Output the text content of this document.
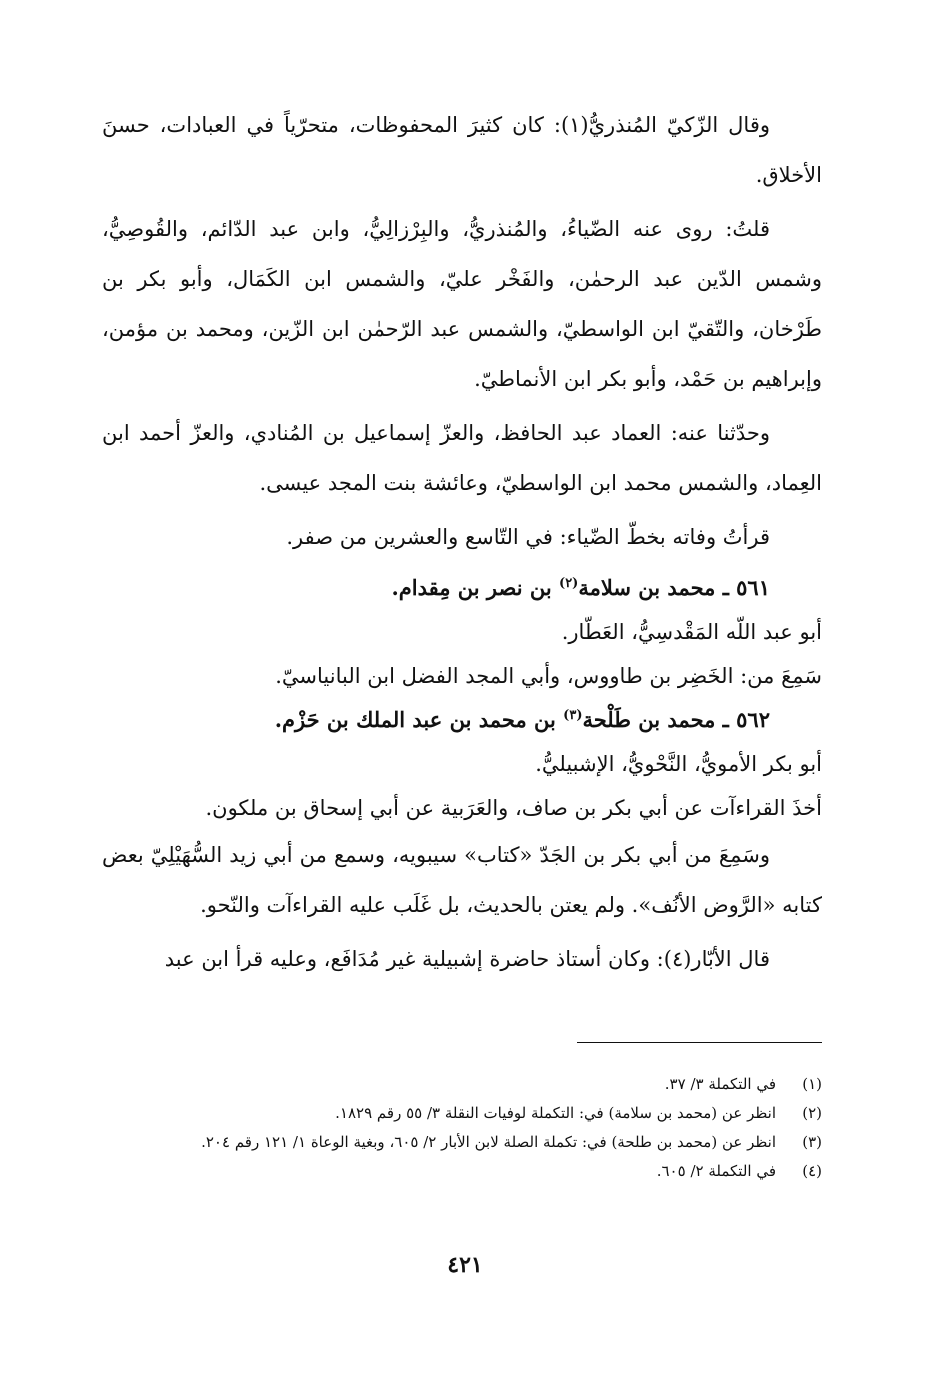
وقال الزّكيّ المُنذريُّ(١): كان كثيرَ المحفوظات، متحرّياً في العبادات، حسنَ الأخلاق.

قلتُ: روى عنه الضّياءُ، والمُنذريُّ، والبِرْزالِيُّ، وابن عبد الدّائم، والقُوصِيُّ، وشمس الدّين عبد الرحمٰن، والفَخْر عليّ، والشمس ابن الكَمَال، وأبو بكر بن طَرْخان، والتّقيّ ابن الواسطيّ، والشمس عبد الرّحمٰن ابن الزّين، ومحمد بن مؤمن، وإبراهيم بن حَمْد، وأبو بكر ابن الأنماطيّ.

وحدّثنا عنه: العماد عبد الحافظ، والعزّ إسماعيل بن المُنادي، والعزّ أحمد ابن العِماد، والشمس محمد ابن الواسطيّ، وعائشة بنت المجد عيسى.

قرأتُ وفاته بخطّ الضّياء: في التّاسع والعشرين من صفر.

٥٦١ ـ محمد بن سلامة$^{(٢)}$ بن نصر بن مِقدام.
أبو عبد اللّه المَقْدسِيُّ، العَطّار.
سَمِعَ من: الخَضِر بن طاووس، وأبي المجد الفضل ابن البانياسيّ.
٥٦٢ ـ محمد بن طَلْحة$^{(٣)}$ بن محمد بن عبد الملك بن حَزْم.
أبو بكر الأمويُّ، النَّحْويُّ، الإشبيليُّ.
أخذَ القراءآت عن أبي بكر بن صاف، والعَرَبية عن أبي إسحاق بن ملكون.

وسَمِعَ من أبي بكر بن الجَدّ «كتاب» سيبويه، وسمع من أبي زيد السُّهَيْلِيّ بعض كتابه «الرَّوض الأنُف». ولم يعتن بالحديث، بل غَلَب عليه القراءآت والنّحو.

قال الأبّار(٤): وكان أستاذ حاضرة إشبيلية غير مُدَافَع، وعليه قرأ ابن عبد

(١)
في التكملة ٣/ ٣٧.
(٢)
انظر عن (محمد بن سلامة) في: التكملة لوفيات النقلة ٣/ ٥٥ رقم ١٨٢٩.
(٣)
انظر عن (محمد بن طلحة) في: تكملة الصلة لابن الأبار ٢/ ٦٠٥، وبغية الوعاة ١/ ١٢١ رقم ٢٠٤.
(٤)
في التكملة ٢/ ٦٠٥.
٤٢١
